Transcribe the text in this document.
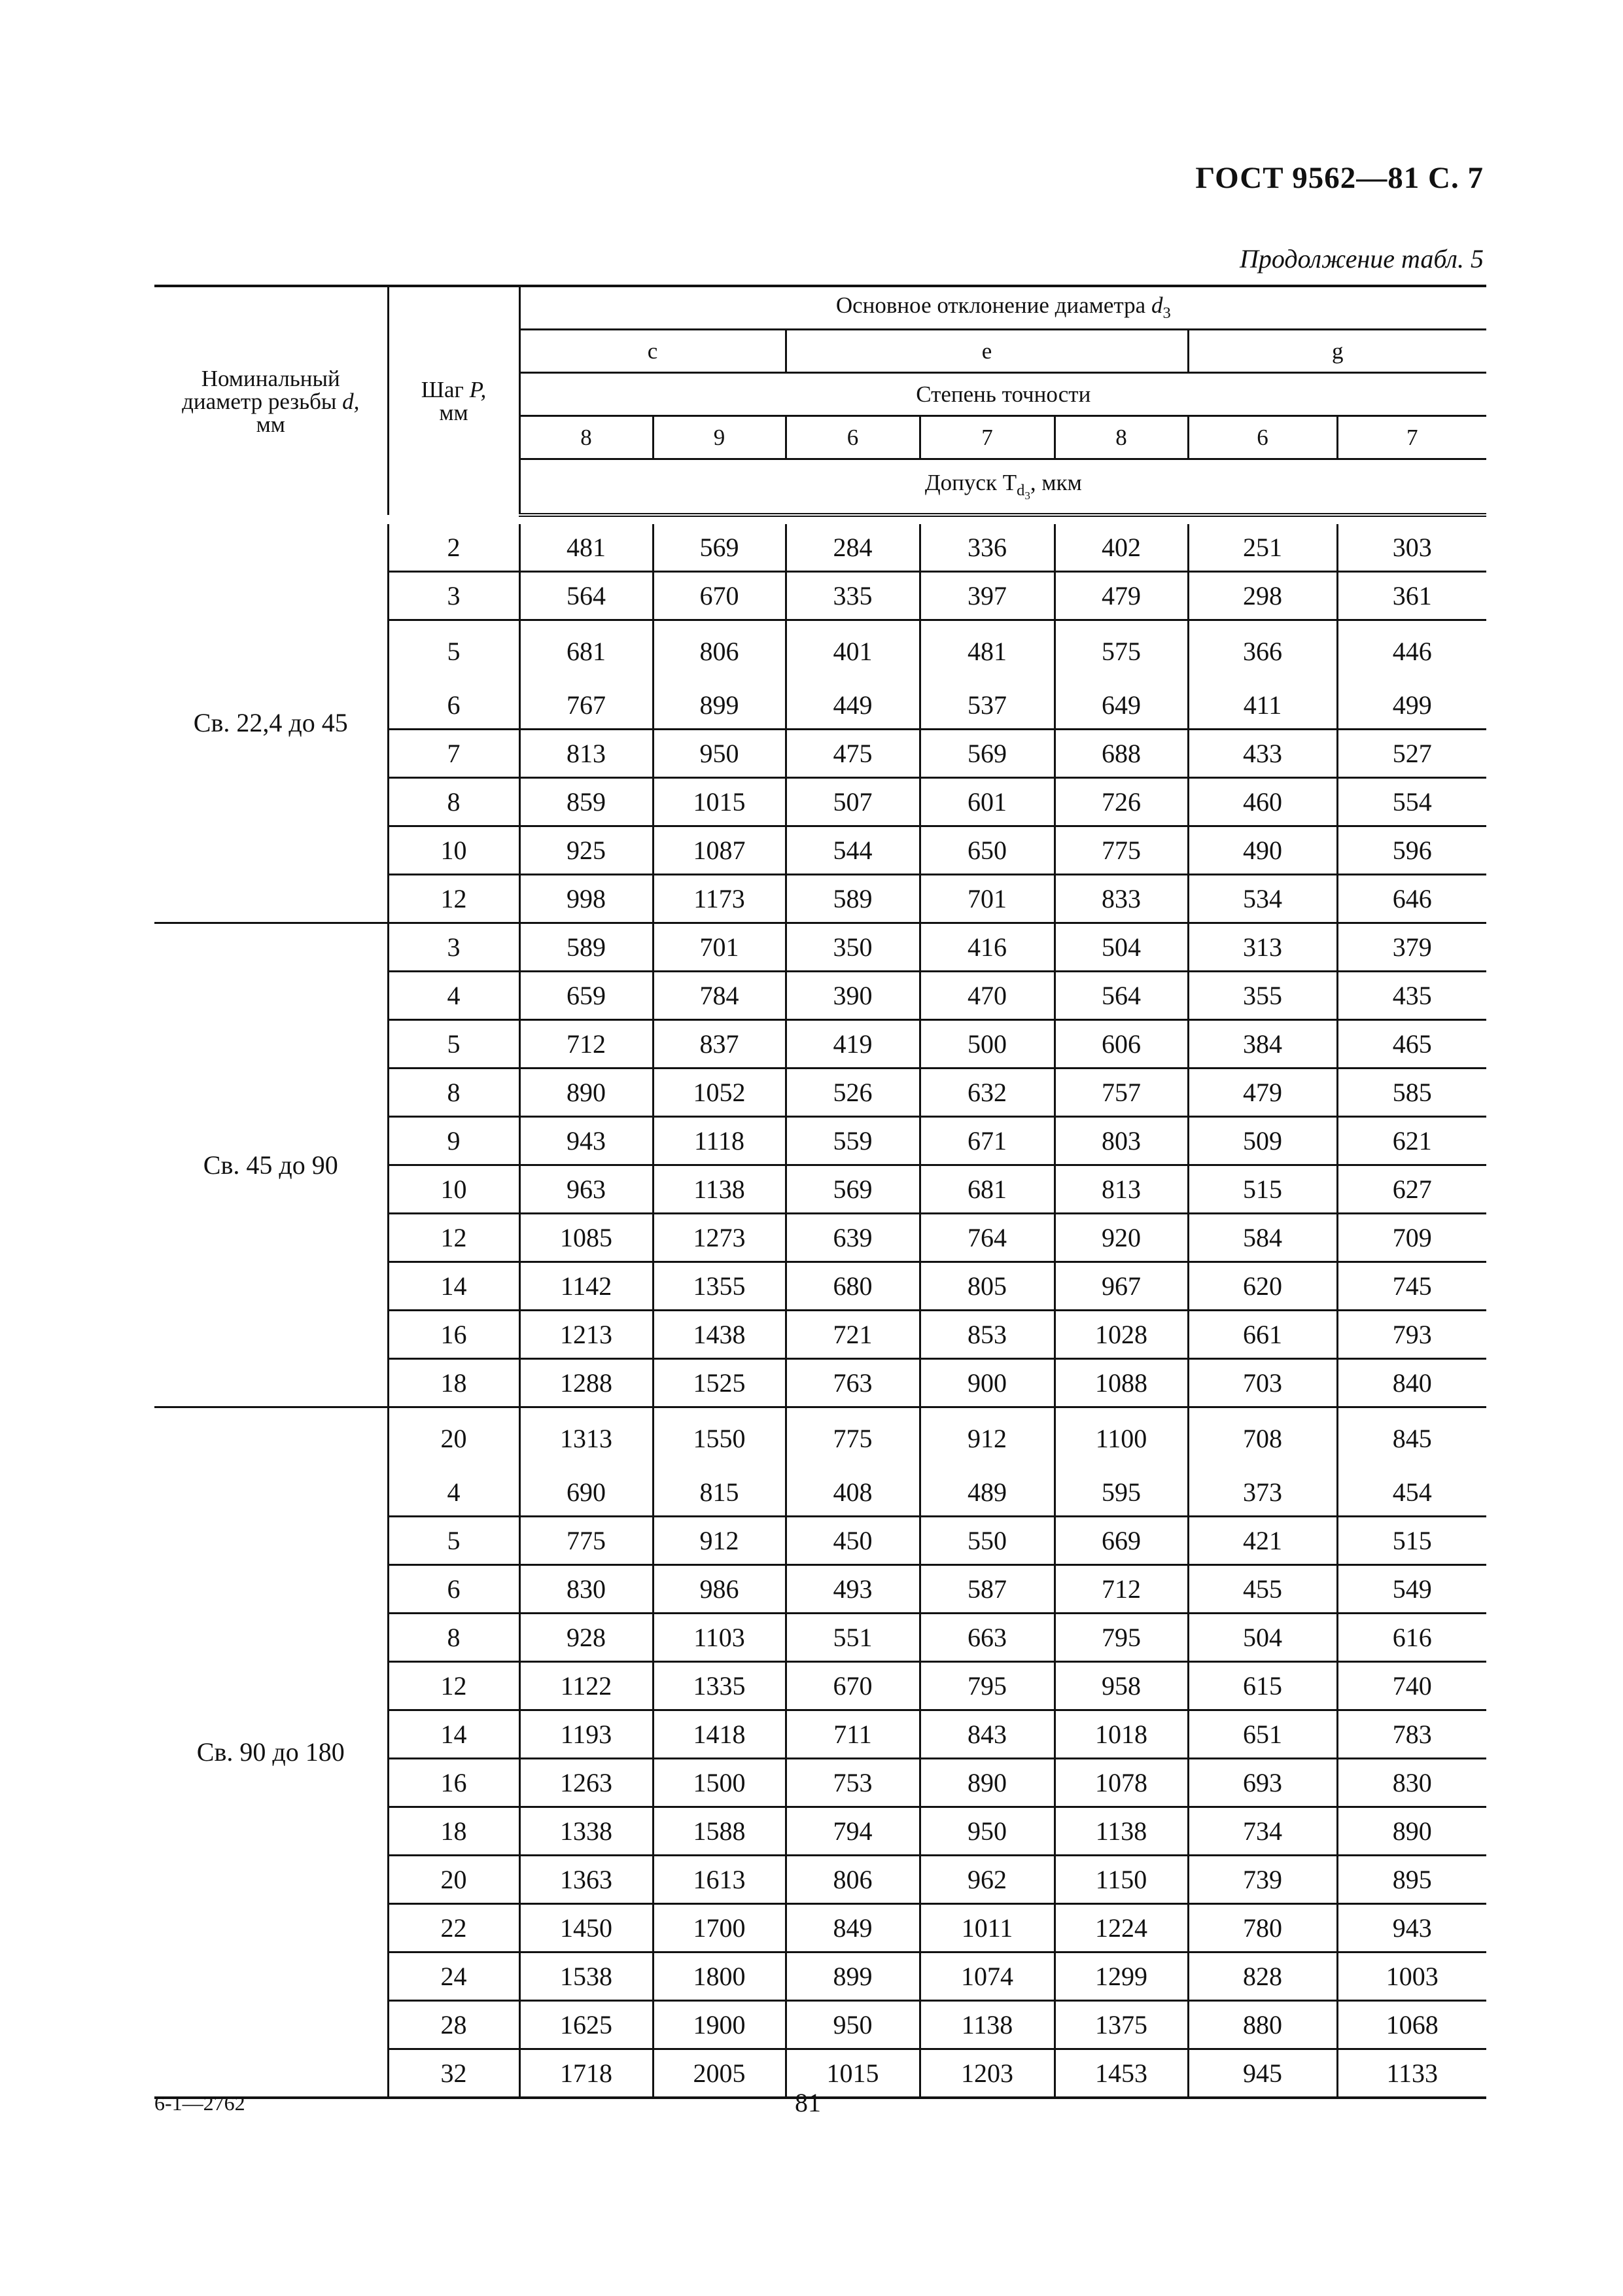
ГОСТ 9562—81 С. 7
Продолжение табл. 5
Номинальный
диаметр резьбы d,
мм	Шаг P,
мм	Основное отклонение диаметра $d_3$
		c		e			g	
		Степень точности						
		8	9	6	7	8	6	7
		Допуск $T_{d_3}$, мкм						

Св. 22,4 до 45	2	481	569	284	336	402	251	303
	3	564	670	335	397	479	298	361
	5	681	806	401	481	575	366	446
	6	767	899	449	537	649	411	499
	7	813	950	475	569	688	433	527
	8	859	1015	507	601	726	460	554
	10	925	1087	544	650	775	490	596
	12	998	1173	589	701	833	534	646
Св. 45 до 90	3	589	701	350	416	504	313	379
	4	659	784	390	470	564	355	435
	5	712	837	419	500	606	384	465
	8	890	1052	526	632	757	479	585
	9	943	1118	559	671	803	509	621
	10	963	1138	569	681	813	515	627
	12	1085	1273	639	764	920	584	709
	14	1142	1355	680	805	967	620	745
	16	1213	1438	721	853	1028	661	793
	18	1288	1525	763	900	1088	703	840
Св. 90 до 180	20	1313	1550	775	912	1100	708	845
	4	690	815	408	489	595	373	454
	5	775	912	450	550	669	421	515
	6	830	986	493	587	712	455	549
	8	928	1103	551	663	795	504	616
	12	1122	1335	670	795	958	615	740
	14	1193	1418	711	843	1018	651	783
	16	1263	1500	753	890	1078	693	830
	18	1338	1588	794	950	1138	734	890
	20	1363	1613	806	962	1150	739	895
	22	1450	1700	849	1011	1224	780	943
	24	1538	1800	899	1074	1299	828	1003
	28	1625	1900	950	1138	1375	880	1068
	32	1718	2005	1015	1203	1453	945	1133
6-1—2762	81
